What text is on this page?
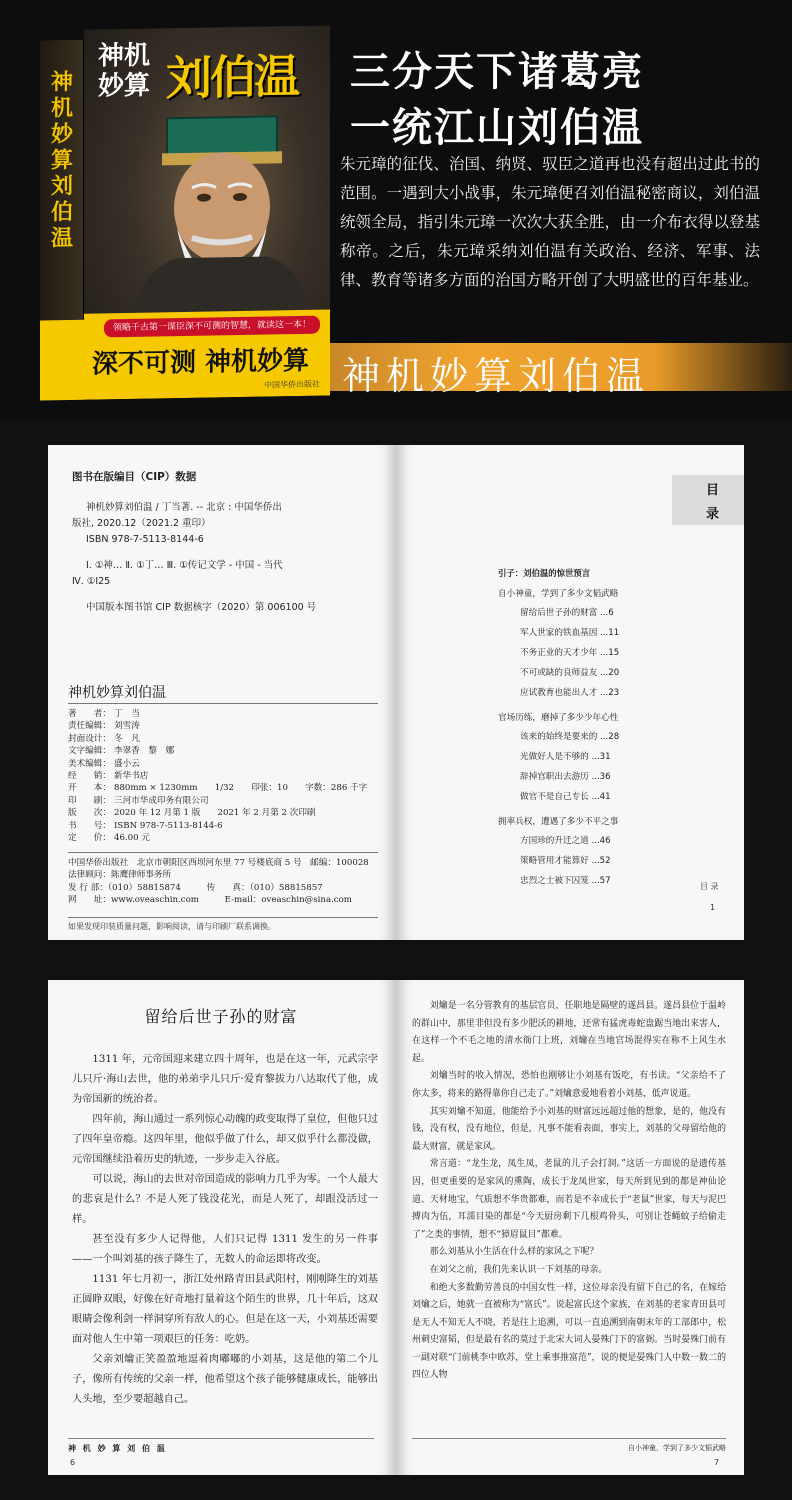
神机妙算刘伯温
神机妙算 刘伯温
领略千古第一谋臣深不可测的智慧，就读这一本！
深不可测 神机妙算
中国华侨出版社
三分天下诸葛亮
一统江山刘伯温
朱元璋的征伐、治国、纳贤、驭臣之道再也没有超出过此书的范围。一遇到大小战事，朱元璋便召刘伯温秘密商议，刘伯温统领全局，指引朱元璋一次次大获全胜，由一介布衣得以登基称帝。之后，朱元璋采纳刘伯温有关政治、经济、军事、法律、教育等诸多方面的治国方略开创了大明盛世的百年基业。
神机妙算刘伯温
图书在版编目（CIP）数据

神机妙算刘伯温 / 丁当著. -- 北京 : 中国华侨出

版社, 2020.12（2021.2 重印）

ISBN 978-7-5113-8144-6

Ⅰ. ①神… Ⅱ. ①丁… Ⅲ. ①传记文学 - 中国 - 当代

Ⅳ. ①I25

中国版本图书馆 CIP 数据核字（2020）第 006100 号

神机妙算刘伯温
著　　者： 丁　当
责任编辑： 刘雪涛
封面设计： 冬　凡
文字编辑： 李翠香　黎　娜
美术编辑： 盛小云
经　　销： 新华书店
开　　本： 880mm × 1230mm　　1/32　　印张：10　　字数：286 千字
印　　刷： 三河市华成印务有限公司
版　　次： 2020 年 12 月第 1 版　　2021 年 2 月第 2 次印刷
书　　号： ISBN 978-7-5113-8144-6
定　　价： 46.00 元
中国华侨出版社　北京市朝阳区西坝河东里 77 号楼底商 5 号　邮编：100028
法律顾问：陈鹰律师事务所
发 行 部：（010）58815874　　　传　　真：（010）58815857
网　　址：www.oveaschin.com　　　E-mail：oveaschin@sina.com
如果发现印装质量问题，影响阅读，请与印刷厂联系调换。
目
录
引子：刘伯温的惊世预言
自小神童，学到了多少文韬武略
留给后世子孙的财富 ...6
军人世家的铁血基因 ...11
不务正业的天才少年 ...15
不可或缺的良师益友 ...20
应试教育也能出人才 ...23
官场历练，磨掉了多少少年心性
该来的始终是要来的 ...28
光做好人是不够的 ...31
辞掉官职出去游历 ...36
做官不是自己专长 ...41
拥率兵权，遭遇了多少不平之事
方国珍的升迁之道 ...46
策略管用才能算好 ...52
忠烈之士被下囚笼 ...57
目 录
1
留给后世子孙的财富

1311 年，元帝国迎来建立四十周年，也是在这一年，元武宗孛儿只斤·海山去世，他的弟弟孛儿只斤·爱育黎拔力八达取代了他，成为帝国新的统治者。

四年前，海山通过一系列惊心动魄的政变取得了皇位，但他只过了四年皇帝瘾。这四年里，他似乎做了什么，却又似乎什么都没做，元帝国继续沿着历史的轨迹，一步步走入谷底。

可以说，海山的去世对帝国造成的影响力几乎为零。一个人最大的悲哀是什么？不是人死了钱没花光，而是人死了，却跟没活过一样。

甚至没有多少人记得他，人们只记得 1311 发生的另一件事——一个叫刘基的孩子降生了，无数人的命运即将改变。

1131 年七月初一，浙江处州路青田县武阳村，刚刚降生的刘基正圆睁双眼，好像在好奇地打量着这个陌生的世界，几十年后，这双眼睛会像利剑一样洞穿所有敌人的心。但是在这一天，小刘基还需要面对他人生中第一项艰巨的任务：吃奶。

父亲刘爚正笑盈盈地逗着肉嘟嘟的小刘基，这是他的第二个儿子，像所有传统的父亲一样，他希望这个孩子能够健康成长，能够出人头地，至少要超越自己。

神 机 妙 算 刘 伯 温
6

刘爚是一名分管教育的基层官员，任职地是隔壁的遂昌县。遂昌县位于温岭的群山中，那里非但没有多少肥沃的耕地，还常有猛虎毒蛇盘踞当地出来害人，在这样一个不毛之地的清水衙门上班，刘爚在当地官场混得实在称不上风生水起。

刘爚当时的收入情况，恐怕也刚够让小刘基有饭吃，有书读。“父亲给不了你太多，将来的路得靠你自己走了。”刘爚意爱地看着小刘基，低声说道。

其实刘爚不知道，他能给予小刘基的财富远远超过他的想象，是的，他没有钱，没有权，没有地位，但是，凡事不能看表面，事实上，刘基的父母留给他的最大财富，就是家风。

常言道：“龙生龙，凤生凤，老鼠的儿子会打洞。”这话一方面说的是遗传基因，但更重要的是家风的熏陶，成长于龙凤世家，每天所到见到的都是神仙论道、天材地宝，气质想不华贵都难，而若是不幸成长于“老鼠”世家，每天与泥巴搏肉为伍，耳濡目染的都是“今天厨房剩下几根鸡骨头，可别让苍蝇蚊子给偷走了”之类的事情，想不“獐眉鼠目”都难。

那么刘基从小生活在什么样的家风之下呢？

在刘父之前，我们先来认识一下刘基的母亲。

和绝大多数勤劳善良的中国女性一样，这位母亲没有留下自己的名，在嫁给刘爚之后，她就一直被称为“富氏”。说起富氏这个家族，在刘基的老家青田县可是无人不知无人不晓，若是往上追溯，可以一直追溯到南朝末年的工部郎中，松州刺史富韬，但是最有名的莫过于北宋大词人晏殊门下的富弼。当时晏殊门前有一副对联“门前桃李中欧苏，堂上乘事推富范”，说的便是晏殊门人中数一数二的四位人物

自小神童，学到了多少文韬武略
7
